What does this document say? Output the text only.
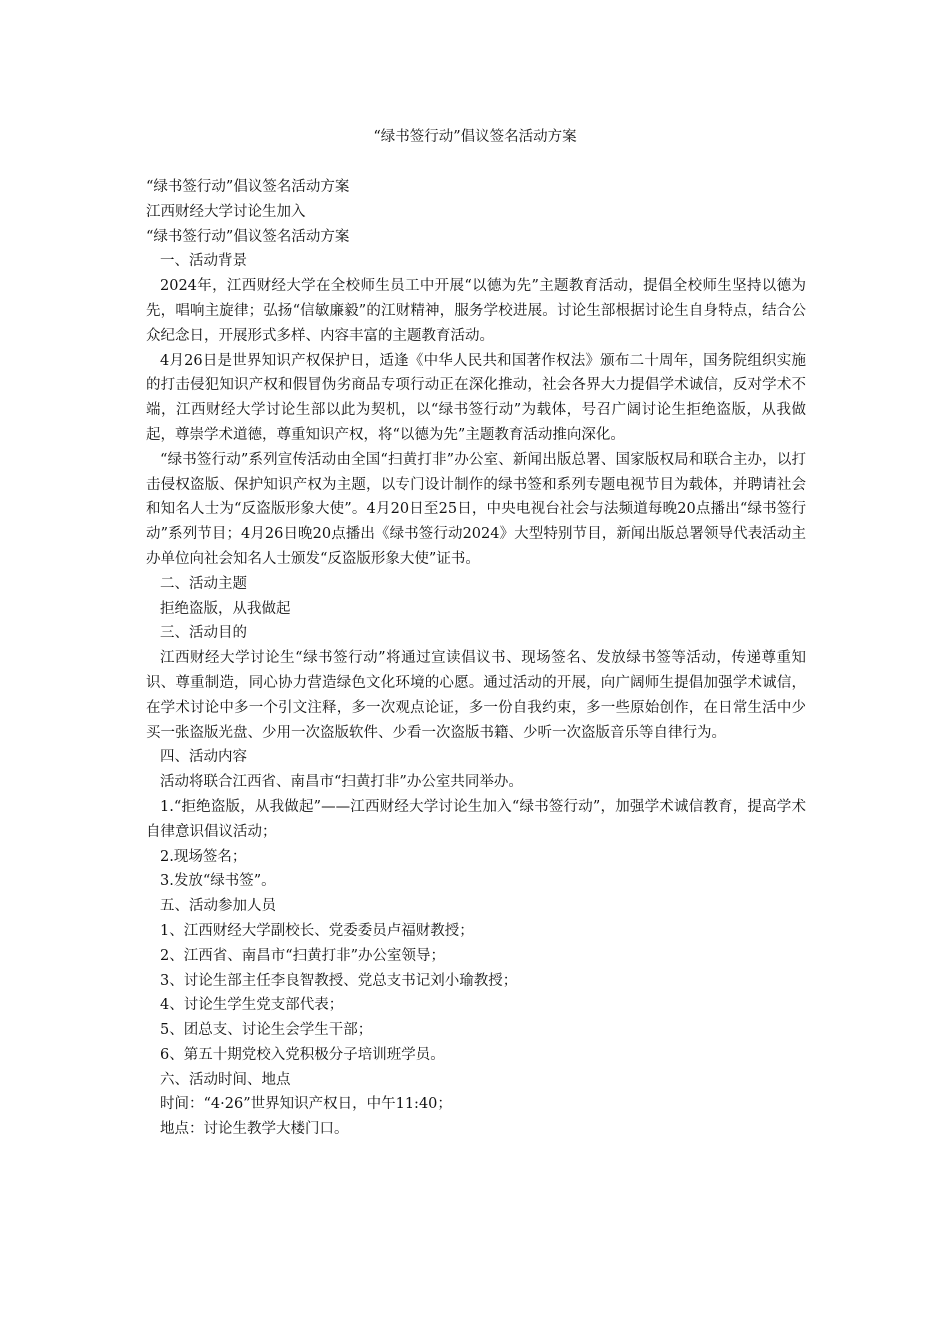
“绿书签行动”倡议签名活动方案

“绿书签行动”倡议签名活动方案

江西财经大学讨论生加入

“绿书签行动”倡议签名活动方案

一、活动背景

2024年，江西财经大学在全校师生员工中开展“以德为先”主题教育活动，提倡全校师生坚持以德为先，唱响主旋律；弘扬“信敏廉毅”的江财精神，服务学校进展。讨论生部根据讨论生自身特点，结合公众纪念日，开展形式多样、内容丰富的主题教育活动。

4月26日是世界知识产权保护日，适逢《中华人民共和国著作权法》颁布二十周年，国务院组织实施的打击侵犯知识产权和假冒伪劣商品专项行动正在深化推动，社会各界大力提倡学术诚信，反对学术不端，江西财经大学讨论生部以此为契机，以“绿书签行动”为载体，号召广阔讨论生拒绝盗版，从我做起，尊崇学术道德，尊重知识产权，将“以德为先”主题教育活动推向深化。

“绿书签行动”系列宣传活动由全国“扫黄打非”办公室、新闻出版总署、国家版权局和联合主办，以打击侵权盗版、保护知识产权为主题，以专门设计制作的绿书签和系列专题电视节目为载体，并聘请社会和知名人士为“反盗版形象大使”。4月20日至25日，中央电视台社会与法频道每晚20点播出“绿书签行动”系列节目；4月26日晚20点播出《绿书签行动2024》大型特别节目，新闻出版总署领导代表活动主办单位向社会知名人士颁发“反盗版形象大使”证书。

二、活动主题

拒绝盗版，从我做起

三、活动目的

江西财经大学讨论生“绿书签行动”将通过宣读倡议书、现场签名、发放绿书签等活动，传递尊重知识、尊重制造，同心协力营造绿色文化环境的心愿。通过活动的开展，向广阔师生提倡加强学术诚信，在学术讨论中多一个引文注释，多一次观点论证，多一份自我约束，多一些原始创作，在日常生活中少买一张盗版光盘、少用一次盗版软件、少看一次盗版书籍、少听一次盗版音乐等自律行为。

四、活动内容

活动将联合江西省、南昌市“扫黄打非”办公室共同举办。

1.“拒绝盗版，从我做起”——江西财经大学讨论生加入“绿书签行动”，加强学术诚信教育，提高学术自律意识倡议活动；

2.现场签名；

3.发放“绿书签”。

五、活动参加人员

1、江西财经大学副校长、党委委员卢福财教授；

2、江西省、南昌市“扫黄打非”办公室领导；

3、讨论生部主任李良智教授、党总支书记刘小瑜教授；

4、讨论生学生党支部代表；

5、团总支、讨论生会学生干部；

6、第五十期党校入党积极分子培训班学员。

六、活动时间、地点

时间：“4·26”世界知识产权日，中午11:40；

地点：讨论生教学大楼门口。
